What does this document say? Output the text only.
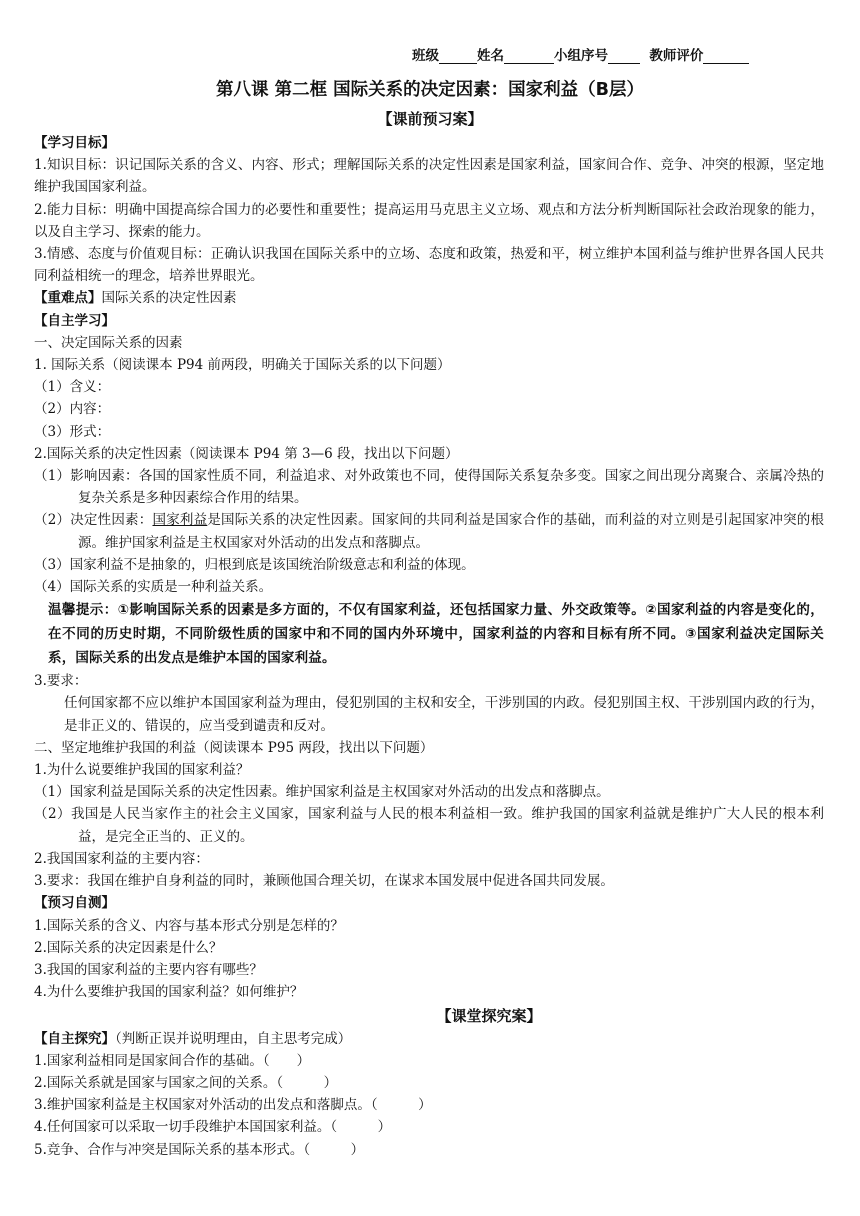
班级	姓名	小组序号	教师评价
第八课 第二框 国际关系的决定因素：国家利益（B层）
【课前预习案】
【学习目标】
1.知识目标：识记国际关系的含义、内容、形式；理解国际关系的决定性因素是国家利益，国家间合作、竞争、冲突的根源，坚定地维护我国国家利益。
2.能力目标：明确中国提高综合国力的必要性和重要性；提高运用马克思主义立场、观点和方法分析判断国际社会政治现象的能力，以及自主学习、探索的能力。
3.情感、态度与价值观目标：正确认识我国在国际关系中的立场、态度和政策，热爱和平，树立维护本国利益与维护世界各国人民共同利益相统一的理念，培养世界眼光。
【重难点】国际关系的决定性因素
【自主学习】
一、决定国际关系的因素
1. 国际关系（阅读课本 P94 前两段，明确关于国际关系的以下问题）
（1）含义：
（2）内容：
（3）形式：
2.国际关系的决定性因素（阅读课本 P94 第 3—6 段，找出以下问题）
（1）影响因素：各国的国家性质不同，利益追求、对外政策也不同，使得国际关系复杂多变。国家之间出现分离聚合、亲属冷热的复杂关系是多种因素综合作用的结果。
（2）决定性因素：国家利益是国际关系的决定性因素。国家间的共同利益是国家合作的基础，而利益的对立则是引起国家冲突的根源。维护国家利益是主权国家对外活动的出发点和落脚点。
（3）国家利益不是抽象的，归根到底是该国统治阶级意志和利益的体现。
（4）国际关系的实质是一种利益关系。
温馨提示：①影响国际关系的因素是多方面的，不仅有国家利益，还包括国家力量、外交政策等。②国家利益的内容是变化的，在不同的历史时期，不同阶级性质的国家中和不同的国内外环境中，国家利益的内容和目标有所不同。③国家利益决定国际关系，国际关系的出发点是维护本国的国家利益。
3.要求：
任何国家都不应以维护本国国家利益为理由，侵犯别国的主权和安全，干涉别国的内政。侵犯别国主权、干涉别国内政的行为，是非正义的、错误的，应当受到谴责和反对。
二、坚定地维护我国的利益（阅读课本 P95 两段，找出以下问题）
1.为什么说要维护我国的国家利益？
（1）国家利益是国际关系的决定性因素。维护国家利益是主权国家对外活动的出发点和落脚点。
（2）我国是人民当家作主的社会主义国家，国家利益与人民的根本利益相一致。维护我国的国家利益就是维护广大人民的根本利益，是完全正当的、正义的。
2.我国国家利益的主要内容：
3.要求：我国在维护自身利益的同时，兼顾他国合理关切，在谋求本国发展中促进各国共同发展。
【预习自测】
1.国际关系的含义、内容与基本形式分别是怎样的？
2.国际关系的决定因素是什么？
3.我国的国家利益的主要内容有哪些？
4.为什么要维护我国的国家利益？如何维护？
【课堂探究案】
【自主探究】（判断正误并说明理由，自主思考完成）
1.国家利益相同是国家间合作的基础。（　　）
2.国际关系就是国家与国家之间的关系。（　　　）
3.维护国家利益是主权国家对外活动的出发点和落脚点。（　　　）
4.任何国家可以采取一切手段维护本国国家利益。（　　　）
5.竞争、合作与冲突是国际关系的基本形式。（　　　）
